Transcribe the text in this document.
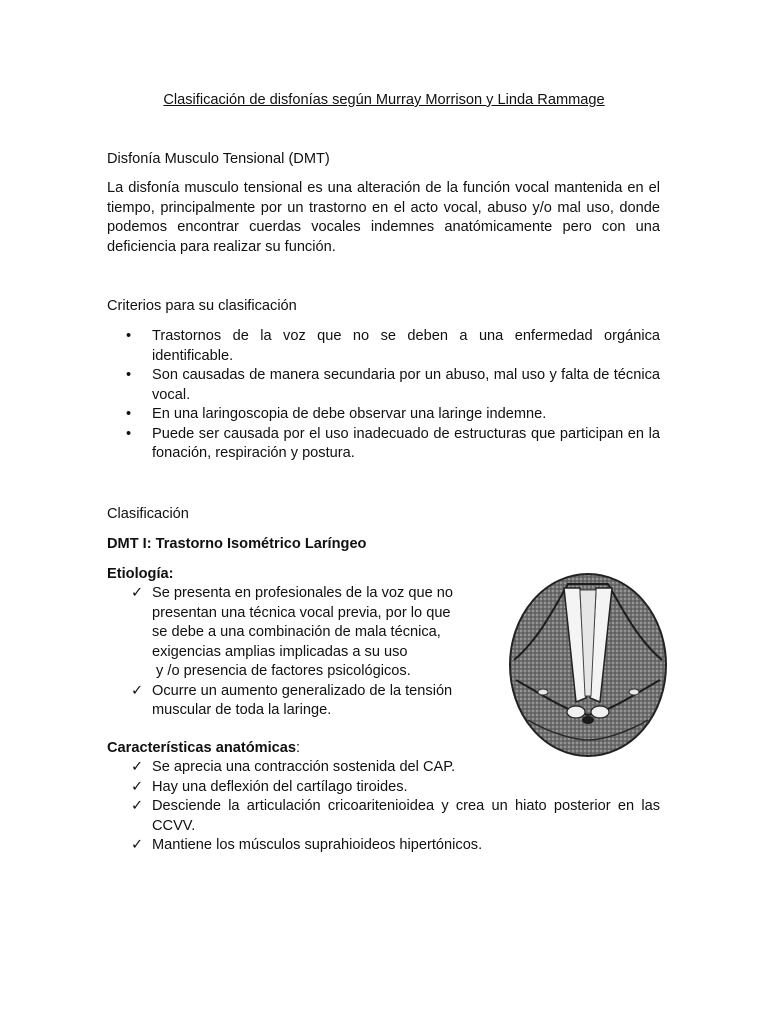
Clasificación de disfonías según Murray Morrison y Linda Rammage
Disfonía Musculo Tensional (DMT)
La disfonía musculo tensional es una alteración de la función vocal mantenida en el tiempo, principalmente por un trastorno en el acto vocal, abuso y/o mal uso, donde podemos encontrar cuerdas vocales indemnes anatómicamente pero con una deficiencia para realizar su función.
Criterios para su clasificación
• Trastornos de la voz que no se deben a una enfermedad orgánica identificable.
• Son causadas de manera secundaria por un abuso, mal uso y falta de técnica vocal.
• En una laringoscopia de debe observar una laringe indemne.
• Puede ser causada por el uso inadecuado de estructuras que participan en la fonación, respiración y postura.
Clasificación
DMT I: Trastorno Isométrico Laríngeo
Etiología:
✓ Se presenta en profesionales de la voz que no
presentan una técnica vocal previa, por lo que
se debe a una combinación de mala técnica,
exigencias amplias implicadas a su uso
y /o presencia de factores psicológicos.
✓ Ocurre un aumento generalizado de la tensión
muscular de toda la laringe.
Características anatómicas:
✓ Se aprecia una contracción sostenida del CAP.
✓ Hay una deflexión del cartílago tiroides.
✓ Desciende la articulación cricoaritenioidea y crea un hiato posterior en las CCVV.
✓ Mantiene los músculos suprahioideos hipertónicos.
